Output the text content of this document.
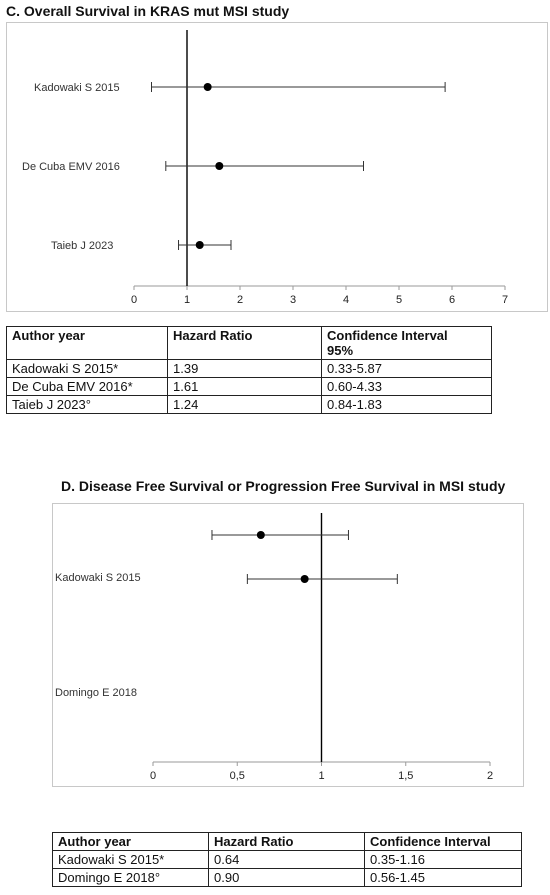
C. Overall Survival in KRAS mut MSI study
0	1	2	3	4	5	6	7
Kadowaki S 2015
De Cuba EMV 2016
Taieb J 2023
Author year	Hazard Ratio	Confidence Interval
95%
Kadowaki S 2015*	1.39	0.33-5.87
De Cuba EMV 2016*	1.61	0.60-4.33
Taieb J 2023°	1.24	0.84-1.83
D. Disease Free Survival or Progression Free Survival in MSI study
0	0,5	1	1,5	2
Kadowaki S 2015
Domingo E 2018
Author year	Hazard Ratio	Confidence Interval
Kadowaki S 2015*	0.64	0.35-1.16
Domingo E 2018°	0.90	0.56-1.45
